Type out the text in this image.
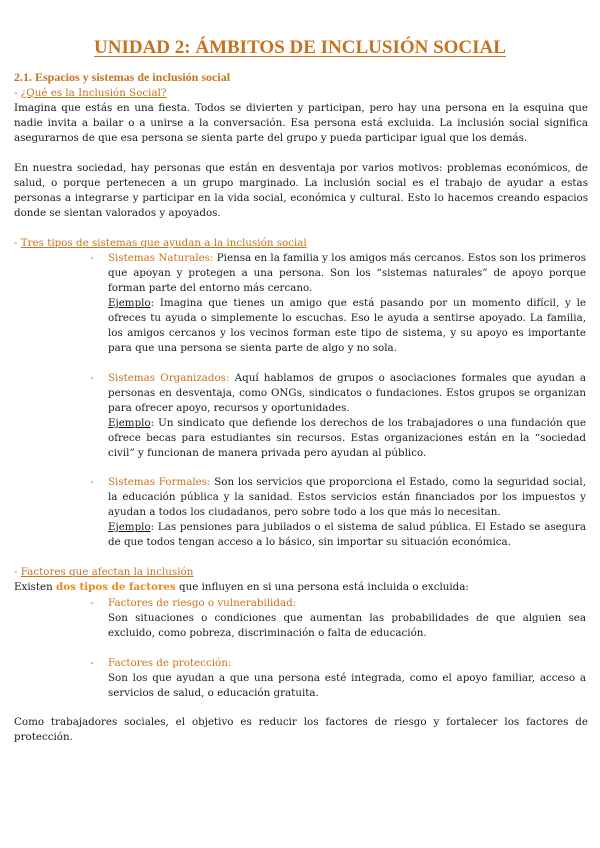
UNIDAD 2: ÁMBITOS DE INCLUSIÓN SOCIAL
2.1. Espacios y sistemas de inclusión social
- ¿Qué es la Inclusión Social?

Imagina que estás en una fiesta. Todos se divierten y participan, pero hay una persona en la esquina que nadie invita a bailar o a unirse a la conversación. Esa persona está excluida. La inclusión social significa asegurarnos de que esa persona se sienta parte del grupo y pueda participar igual que los demás.

En nuestra sociedad, hay personas que están en desventaja por varios motivos: problemas económicos, de salud, o porque pertenecen a un grupo marginado. La inclusión social es el trabajo de ayudar a estas personas a integrarse y participar en la vida social, económica y cultural. Esto lo hacemos creando espacios donde se sientan valorados y apoyados.

- Tres tipos de sistemas que ayudan a la inclusión social
- Sistemas Naturales: Piensa en la familia y los amigos más cercanos. Estos son los primeros que apoyan y protegen a una persona. Son los “sistemas naturales” de apoyo porque forman parte del entorno más cercano.

Ejemplo: Imagina que tienes un amigo que está pasando por un momento difícil, y le ofreces tu ayuda o simplemente lo escuchas. Eso le ayuda a sentirse apoyado. La familia, los amigos cercanos y los vecinos forman este tipo de sistema, y su apoyo es importante para que una persona se sienta parte de algo y no sola.

- Sistemas Organizados: Aquí hablamos de grupos o asociaciones formales que ayudan a personas en desventaja, como ONGs, sindicatos o fundaciones. Estos grupos se organizan para ofrecer apoyo, recursos y oportunidades.

Ejemplo: Un sindicato que defiende los derechos de los trabajadores o una fundación que ofrece becas para estudiantes sin recursos. Estas organizaciones están en la “sociedad civil” y funcionan de manera privada pero ayudan al público.

- Sistemas Formales: Son los servicios que proporciona el Estado, como la seguridad social, la educación pública y la sanidad. Estos servicios están financiados por los impuestos y ayudan a todos los ciudadanos, pero sobre todo a los que más lo necesitan.

Ejemplo: Las pensiones para jubilados o el sistema de salud pública. El Estado se asegura de que todos tengan acceso a lo básico, sin importar su situación económica.

- Factores que afectan la inclusión

Existen dos tipos de factores que influyen en si una persona está incluida o excluida:

- Factores de riesgo o vulnerabilidad:

Son situaciones o condiciones que aumentan las probabilidades de que alguien sea excluido, como pobreza, discriminación o falta de educación.

- Factores de protección:

Son los que ayudan a que una persona esté integrada, como el apoyo familiar, acceso a servicios de salud, o educación gratuita.

Como trabajadores sociales, el objetivo es reducir los factores de riesgo y fortalecer los factores de protección.
